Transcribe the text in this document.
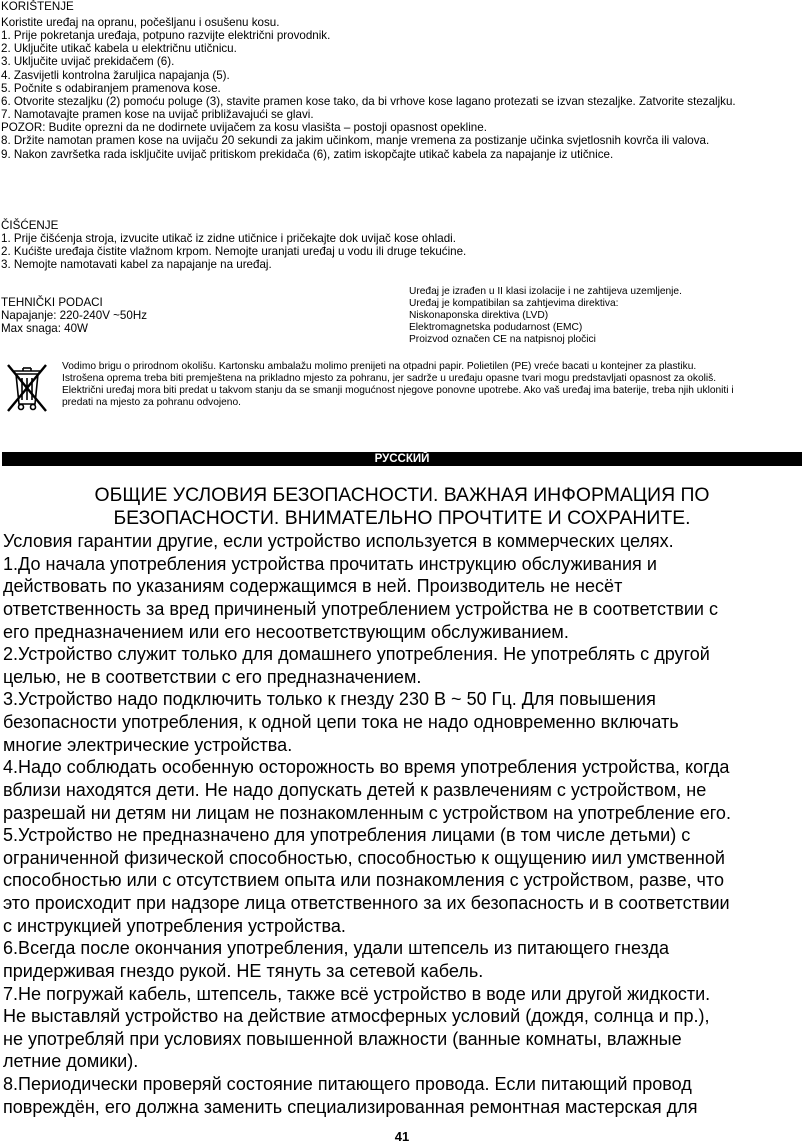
KORIŠTENJE
Koristite uređaj na opranu, počešljanu i osušenu kosu.
1. Prije pokretanja uređaja, potpuno razvijte električni provodnik.
2. Uključite utikač kabela u električnu utičnicu.
3. Uključite uvijač prekidačem (6).
4. Zasvijetli kontrolna žaruljica napajanja (5).
5. Počnite s odabiranjem pramenova kose.
6. Otvorite stezaljku (2) pomoću poluge (3), stavite pramen kose tako, da bi vrhove kose lagano protezati se izvan stezaljke. Zatvorite stezaljku.
7. Namotavajte pramen kose na uvijač približavajući se glavi.
POZOR: Budite oprezni da ne dodirnete uvijačem za kosu vlasišta – postoji opasnost opekline.
8. Držite namotan pramen kose na uvijaču 20 sekundi za jakim učinkom, manje vremena za postizanje učinka svjetlosnih kovrča ili valova.
9. Nakon završetka rada isključite uvijač pritiskom prekidača (6), zatim iskopčajte utikač kabela za napajanje iz utičnice.
ČIŠĆENJE
1. Prije čišćenja stroja, izvucite utikač iz zidne utičnice i pričekajte dok uvijač kose ohladi.
2. Kućište uređaja čistite vlažnom krpom. Nemojte uranjati uređaj u vodu ili druge tekućine.
3. Nemojte namotavati kabel za napajanje na uređaj.
TEHNIČKI PODACI
Napajanje: 220-240V ~50Hz
Max snaga: 40W
Uređaj je izrađen u II klasi izolacije i ne zahtijeva uzemljenje.
Uređaj je kompatibilan sa zahtjevima direktiva:
Niskonaponska direktiva (LVD)
Elektromagnetska podudarnost (EMC)
Proizvod označen CE na natpisnoj pločici
Vodimo brigu o prirodnom okolišu. Kartonsku ambalažu molimo prenijeti na otpadni papir. Polietilen (PE) vreće bacati u kontejner za plastiku.
Istrošena oprema treba biti premještena na prikladno mjesto za pohranu, jer sadrže u uređaju opasne tvari mogu predstavljati opasnost za okoliš.
Električni uređaj mora biti predat u takvom stanju da se smanji mogućnost njegove ponovne upotrebe. Ako vaš uređaj ima baterije, treba njih ukloniti i
predati na mjesto za pohranu odvojeno.
РУССКИЙ
ОБЩИЕ УСЛОВИЯ БЕЗОПАСНОСТИ. ВАЖНАЯ ИНФОРМАЦИЯ ПО
БЕЗОПАСНОСТИ. ВНИМАТЕЛЬНО ПРОЧТИТЕ И СОХРАНИТЕ.
Условия гарантии другие, если устройство используется в коммерческих целях.
1.До начала употребления устройства прочитать инструкцию обслуживания и
действовать по указаниям содержащимся в ней. Производитель не несёт
ответственность за вред причиненый употреблением устройства не в соответствии с
его предназначением или его несоответствующим обслуживанием.
2.Устройство служит только для домашнего употребления. Не употреблять с другой
целью, не в соответствии с его предназначением.
3.Устройство надо подключить только к гнезду 230 В ~ 50 Гц. Для повышения
безопасности употребления, к одной цепи тока не надо одновременно включать
многие электрические устройства.
4.Надо соблюдать особенную осторожность во время употребления устройства, когда
вблизи находятся дети. Не надо допускать детей к развлечениям с устройством, не
разрешай ни детям ни лицам не познакомленным с устройством на употребление его.
5.Устройство не предназначено для употребления лицами (в том числе детьми) с
ограниченной физической способностью, способностью к ощущению иил умственной
способностью или с отсутствием опыта или познакомления с устройством, разве, что
это происходит при надзоре лица ответственного за их безопасность и в соответствии
с инструкцией употребления устройства.
6.Всегда после окончания употребления, удали штепсель из питающего гнезда
придерживая гнездо рукой. НЕ тянуть за сетевой кабель.
7.Не погружай кабель, штепсель, также всё устройство в воде или другой жидкости.
Не выставляй устройство на действие атмосферных условий (дождя, солнца и пр.),
не употребляй при условиях повышенной влажности (ванные комнаты, влажные
летние домики).
8.Периодически проверяй состояние питающего провода. Если питающий провод
повреждён, его должна заменить специализированная ремонтная мастерская для
41
